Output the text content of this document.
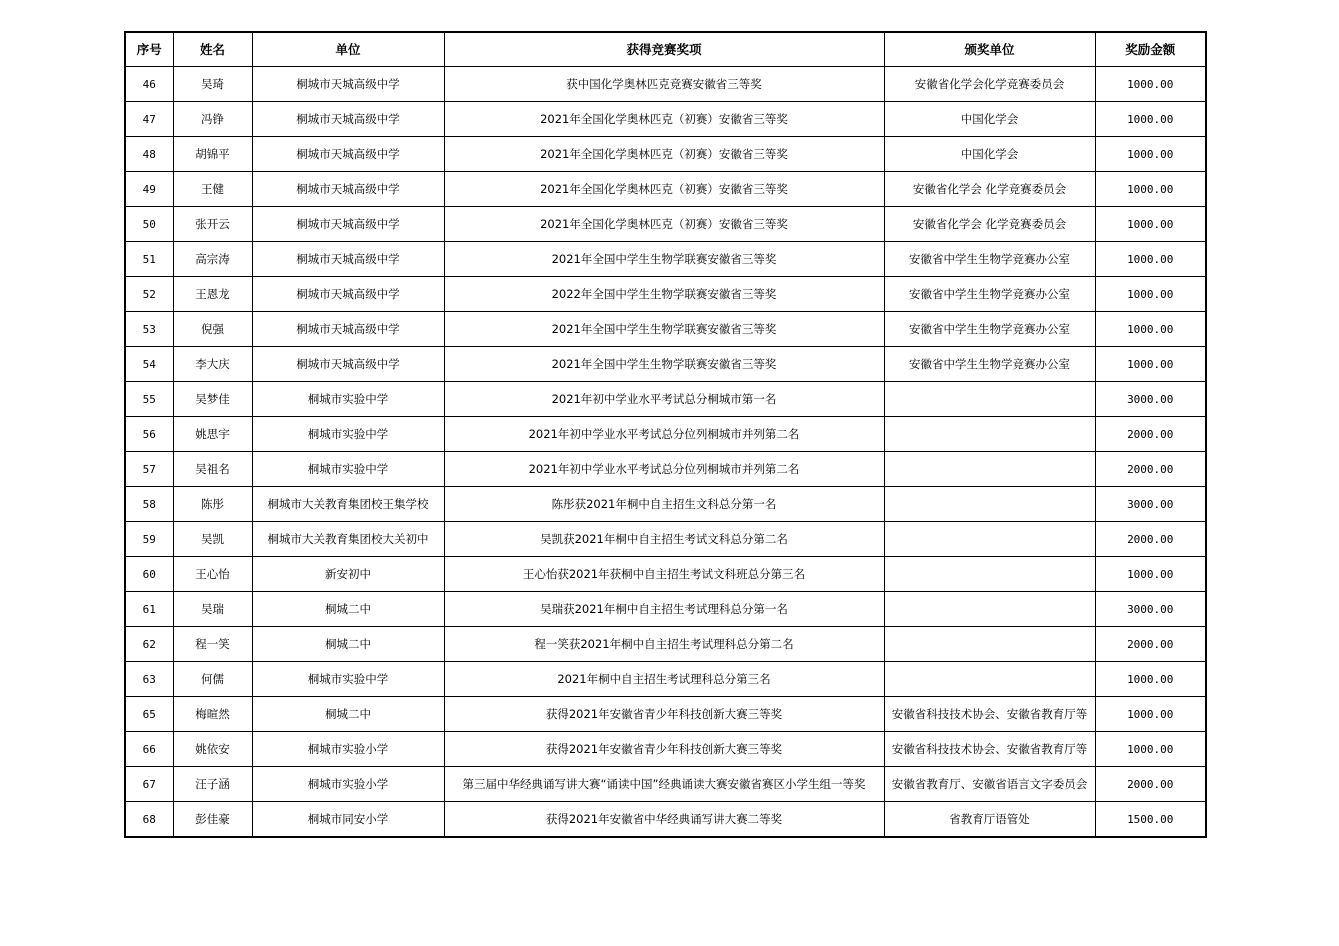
序号	姓名	单位	获得竞赛奖项	颁奖单位	奖励金额
46	吴琦	桐城市天城高级中学	获中国化学奥林匹克竞赛安徽省三等奖	安徽省化学会化学竞赛委员会	1000.00
47	冯铮	桐城市天城高级中学	2021年全国化学奥林匹克（初赛）安徽省三等奖	中国化学会	1000.00
48	胡锦平	桐城市天城高级中学	2021年全国化学奥林匹克（初赛）安徽省三等奖	中国化学会	1000.00
49	王健	桐城市天城高级中学	2021年全国化学奥林匹克（初赛）安徽省三等奖	安徽省化学会 化学竞赛委员会	1000.00
50	张开云	桐城市天城高级中学	2021年全国化学奥林匹克（初赛）安徽省三等奖	安徽省化学会 化学竞赛委员会	1000.00
51	高宗涛	桐城市天城高级中学	2021年全国中学生生物学联赛安徽省三等奖	安徽省中学生生物学竞赛办公室	1000.00
52	王恩龙	桐城市天城高级中学	2022年全国中学生生物学联赛安徽省三等奖	安徽省中学生生物学竞赛办公室	1000.00
53	倪强	桐城市天城高级中学	2021年全国中学生生物学联赛安徽省三等奖	安徽省中学生生物学竞赛办公室	1000.00
54	李大庆	桐城市天城高级中学	2021年全国中学生生物学联赛安徽省三等奖	安徽省中学生生物学竞赛办公室	1000.00
55	吴梦佳	桐城市实验中学	2021年初中学业水平考试总分桐城市第一名		3000.00
56	姚思宇	桐城市实验中学	2021年初中学业水平考试总分位列桐城市并列第二名		2000.00
57	吴祖名	桐城市实验中学	2021年初中学业水平考试总分位列桐城市并列第二名		2000.00
58	陈彤	桐城市大关教育集团校王集学校	陈彤获2021年桐中自主招生文科总分第一名		3000.00
59	吴凯	桐城市大关教育集团校大关初中	吴凯获2021年桐中自主招生考试文科总分第二名		2000.00
60	王心怡	新安初中	王心怡获2021年获桐中自主招生考试文科班总分第三名		1000.00
61	吴瑞	桐城二中	吴瑞获2021年桐中自主招生考试理科总分第一名		3000.00
62	程一笑	桐城二中	程一笑获2021年桐中自主招生考试理科总分第二名		2000.00
63	何儒	桐城市实验中学	2021年桐中自主招生考试理科总分第三名		1000.00
65	梅暄然	桐城二中	获得2021年安徽省青少年科技创新大赛三等奖	安徽省科技技术协会、安徽省教育厅等	1000.00
66	姚依安	桐城市实验小学	获得2021年安徽省青少年科技创新大赛三等奖	安徽省科技技术协会、安徽省教育厅等	1000.00
67	汪子涵	桐城市实验小学	第三届中华经典诵写讲大赛“诵读中国”经典诵读大赛安徽省赛区小学生组一等奖	安徽省教育厅、安徽省语言文字委员会	2000.00
68	彭佳豪	桐城市同安小学	获得2021年安徽省中华经典诵写讲大赛二等奖	省教育厅语管处	1500.00
